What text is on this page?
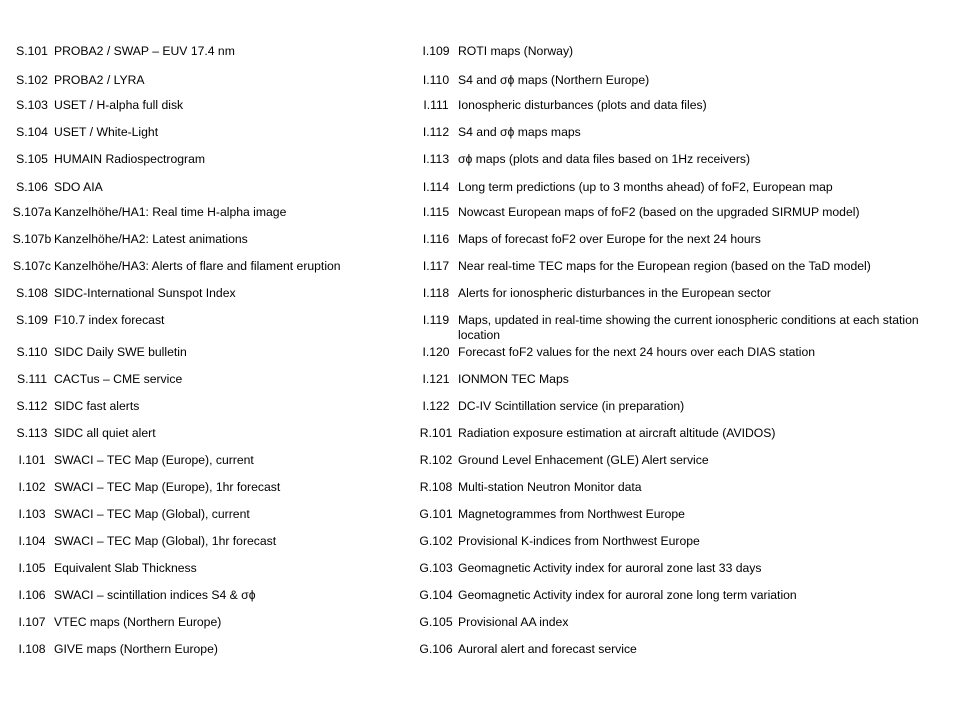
S.101 PROBA2 / SWAP – EUV 17.4 nm
S.102 PROBA2 / LYRA
S.103 USET / H-alpha full disk
S.104 USET / White-Light
S.105 HUMAIN Radiospectrogram
S.106 SDO AIA
S.107a Kanzelhöhe/HA1: Real time H-alpha image
S.107b Kanzelhöhe/HA2: Latest animations
S.107c Kanzelhöhe/HA3: Alerts of flare and filament eruption
S.108 SIDC-International Sunspot Index
S.109 F10.7 index forecast
S.110 SIDC Daily SWE bulletin
S.111 CACTus – CME service
S.112 SIDC fast alerts
S.113 SIDC all quiet alert
I.101 SWACI – TEC Map (Europe), current
I.102 SWACI – TEC Map (Europe), 1hr forecast
I.103 SWACI – TEC Map (Global), current
I.104 SWACI – TEC Map (Global), 1hr forecast
I.105 Equivalent Slab Thickness
I.106 SWACI – scintillation indices S4 & σϕ
I.107 VTEC maps (Northern Europe)
I.108 GIVE maps (Northern Europe)
I.109 ROTI maps (Norway)
I.110 S4 and σϕ maps (Northern Europe)
I.111 Ionospheric disturbances (plots and data files)
I.112 S4 and σϕ maps maps
I.113 σϕ maps (plots and data files based on 1Hz receivers)
I.114 Long term predictions (up to 3 months ahead) of foF2, European map
I.115 Nowcast European maps of foF2 (based on the upgraded SIRMUP model)
I.116 Maps of forecast foF2 over Europe for the next 24 hours
I.117 Near real-time TEC maps for the European region (based on the TaD model)
I.118 Alerts for ionospheric disturbances in the European sector
I.119 Maps, updated in real-time showing the current ionospheric conditions at each station location
I.120 Forecast foF2 values for the next 24 hours over each DIAS station
I.121 IONMON TEC Maps
I.122 DC-IV Scintillation service (in preparation)
R.101 Radiation exposure estimation at aircraft altitude (AVIDOS)
R.102 Ground Level Enhacement (GLE) Alert service
R.108 Multi-station Neutron Monitor data
G.101 Magnetogrammes from Northwest Europe
G.102 Provisional K-indices from Northwest Europe
G.103 Geomagnetic Activity index for auroral zone last 33 days
G.104 Geomagnetic Activity index for auroral zone long term variation
G.105 Provisional AA index
G.106 Auroral alert and forecast service
